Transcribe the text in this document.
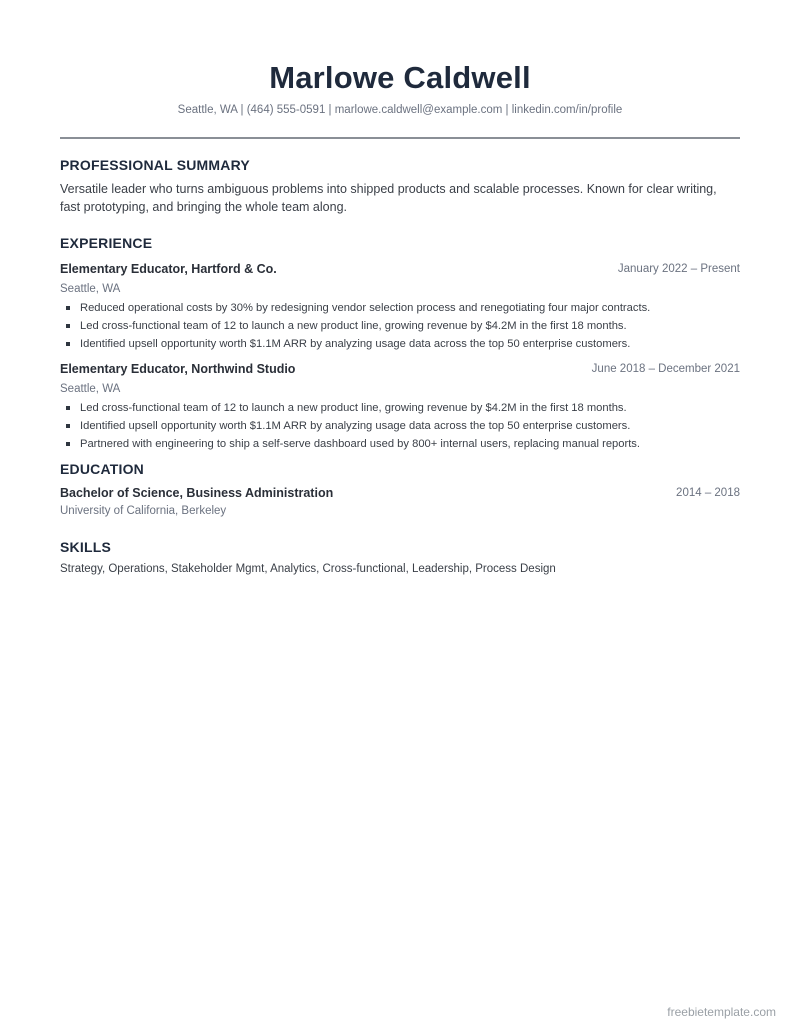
Marlowe Caldwell
Seattle, WA | (464) 555-0591 | marlowe.caldwell@example.com | linkedin.com/in/profile
PROFESSIONAL SUMMARY
Versatile leader who turns ambiguous problems into shipped products and scalable processes. Known for clear writing, fast prototyping, and bringing the whole team along.
EXPERIENCE
Elementary Educator, Hartford & Co.	January 2022 – Present
Seattle, WA
Reduced operational costs by 30% by redesigning vendor selection process and renegotiating four major contracts.
Led cross-functional team of 12 to launch a new product line, growing revenue by $4.2M in the first 18 months.
Identified upsell opportunity worth $1.1M ARR by analyzing usage data across the top 50 enterprise customers.
Elementary Educator, Northwind Studio	June 2018 – December 2021
Seattle, WA
Led cross-functional team of 12 to launch a new product line, growing revenue by $4.2M in the first 18 months.
Identified upsell opportunity worth $1.1M ARR by analyzing usage data across the top 50 enterprise customers.
Partnered with engineering to ship a self-serve dashboard used by 800+ internal users, replacing manual reports.
EDUCATION
Bachelor of Science, Business Administration	2014 – 2018
University of California, Berkeley
SKILLS
Strategy, Operations, Stakeholder Mgmt, Analytics, Cross-functional, Leadership, Process Design
freebietemplate.com
